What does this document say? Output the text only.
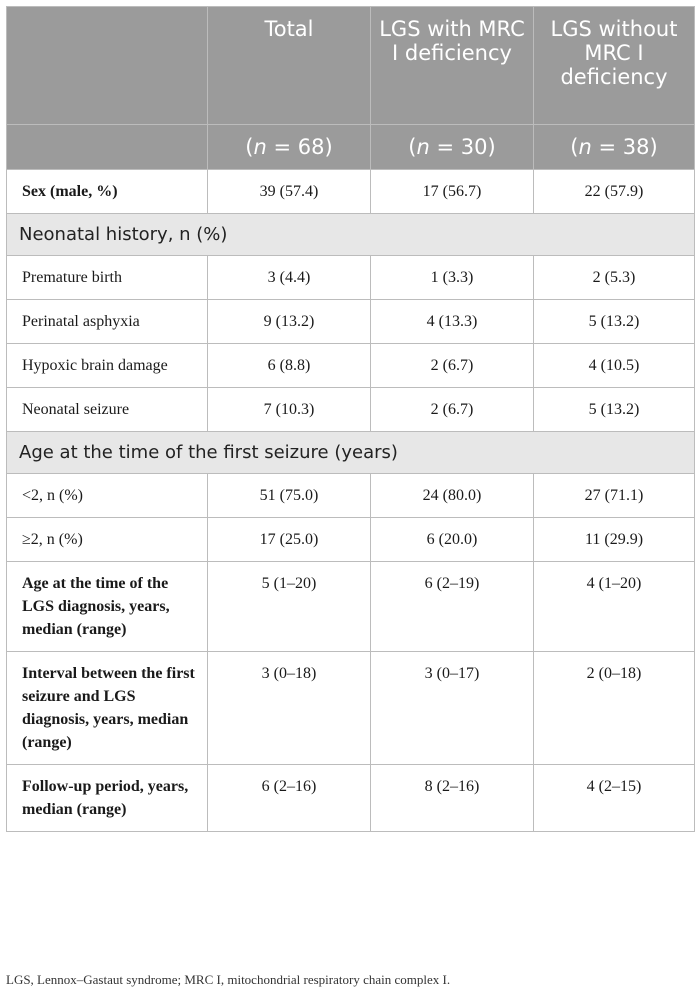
	Total	LGS with MRC I deficiency	LGS without MRC I deficiency
	(n = 68)	(n = 30)	(n = 38)
Sex (male, %)	39 (57.4)	17 (56.7)	22 (57.9)
Neonatal history, n (%)			
Premature birth	3 (4.4)	1 (3.3)	2 (5.3)
Perinatal asphyxia	9 (13.2)	4 (13.3)	5 (13.2)
Hypoxic brain damage	6 (8.8)	2 (6.7)	4 (10.5)
Neonatal seizure	7 (10.3)	2 (6.7)	5 (13.2)
Age at the time of the first seizure (years)			
<2, n (%)	51 (75.0)	24 (80.0)	27 (71.1)
≥2, n (%)	17 (25.0)	6 (20.0)	11 (29.9)
Age at the time of the LGS diagnosis, years, median (range)	5 (1–20)	6 (2–19)	4 (1–20)
Interval between the first seizure and LGS diagnosis, years, median (range)	3 (0–18)	3 (0–17)	2 (0–18)
Follow-up period, years, median (range)	6 (2–16)	8 (2–16)	4 (2–15)
LGS, Lennox–Gastaut syndrome; MRC I, mitochondrial respiratory chain complex I.
